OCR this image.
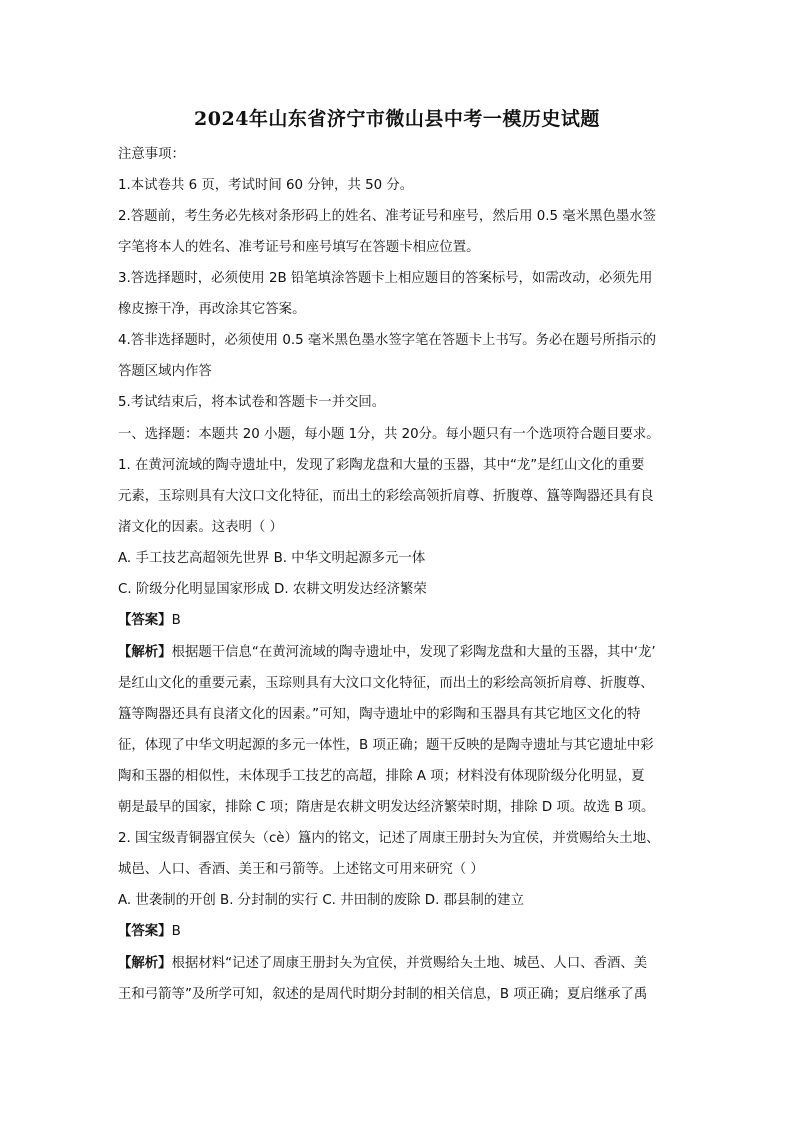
2024年山东省济宁市微山县中考一模历史试题
注意事项：
1.本试卷共 6 页，考试时间 60 分钟，共 50 分。
2.答题前，考生务必先核对条形码上的姓名、准考证号和座号，然后用 0.5 毫米黑色墨水签
字笔将本人的姓名、准考证号和座号填写在答题卡相应位置。
3.答选择题时，必须使用 2B 铅笔填涂答题卡上相应题目的答案标号，如需改动，必须先用
橡皮擦干净，再改涂其它答案。
4.答非选择题时，必须使用 0.5 毫米黑色墨水签字笔在答题卡上书写。务必在题号所指示的
答题区域内作答
5.考试结束后，将本试卷和答题卡一并交回。
一、选择题：本题共 20 小题，每小题 1分，共 20分。每小题只有一个选项符合题目要求。
1. 在黄河流域的陶寺遗址中，发现了彩陶龙盘和大量的玉器，其中“龙”是红山文化的重要
元素，玉琮则具有大汶口文化特征，而出土的彩绘高领折肩尊、折腹尊、簋等陶器还具有良
渚文化的因素。这表明（ ）
A. 手工技艺高超领先世界 B. 中华文明起源多元一体
C. 阶级分化明显国家形成 D. 农耕文明发达经济繁荣
【答案】B
【解析】根据题干信息“在黄河流域的陶寺遗址中，发现了彩陶龙盘和大量的玉器，其中‘龙’
是红山文化的重要元素，玉琮则具有大汶口文化特征，而出土的彩绘高领折肩尊、折腹尊、
簋等陶器还具有良渚文化的因素。”可知，陶寺遗址中的彩陶和玉器具有其它地区文化的特
征，体现了中华文明起源的多元一体性，B 项正确；题干反映的是陶寺遗址与其它遗址中彩
陶和玉器的相似性，未体现手工技艺的高超，排除 A 项；材料没有体现阶级分化明显，夏
朝是最早的国家，排除 C 项；隋唐是农耕文明发达经济繁荣时期，排除 D 项。故选 B 项。
2. 国宝级青铜器宜侯夨（cè）簋内的铭文，记述了周康王册封夨为宜侯，并赏赐给夨土地、
城邑、人口、香酒、美王和弓箭等。上述铭文可用来研究（ ）
A. 世袭制的开创 B. 分封制的实行 C. 井田制的废除 D. 郡县制的建立
【答案】B
【解析】根据材料“记述了周康王册封夨为宜侯，并赏赐给夨土地、城邑、人口、香酒、美
王和弓箭等”及所学可知，叙述的是周代时期分封制的相关信息，B 项正确；夏启继承了禹
